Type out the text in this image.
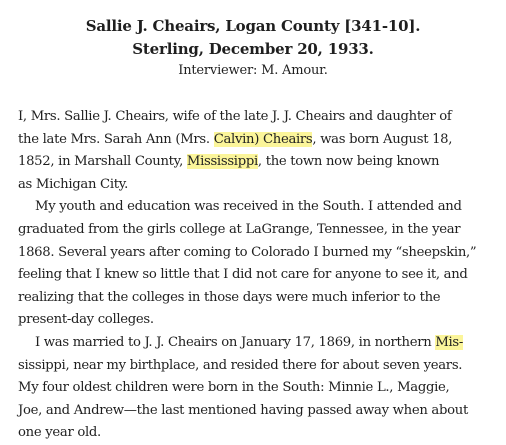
Sallie J. Cheairs, Logan County [341-10].
Sterling, December 20, 1933.
Interviewer: M. Amour.
I, Mrs. Sallie J. Cheairs, wife of the late J. J. Cheairs and daughter of
the late Mrs. Sarah Ann (Mrs. Calvin) Cheairs, was born August 18,
1852, in Marshall County, Mississippi, the town now being known
as Michigan City.
My youth and education was received in the South. I attended and
graduated from the girls college at LaGrange, Tennessee, in the year
1868. Several years after coming to Colorado I burned my “sheepskin,”
feeling that I knew so little that I did not care for anyone to see it, and
realizing that the colleges in those days were much inferior to the
present-day colleges.
I was married to J. J. Cheairs on January 17, 1869, in northern Mis-
sissippi, near my birthplace, and resided there for about seven years.
My four oldest children were born in the South: Minnie L., Maggie,
Joe, and Andrew—the last mentioned having passed away when about
one year old.
